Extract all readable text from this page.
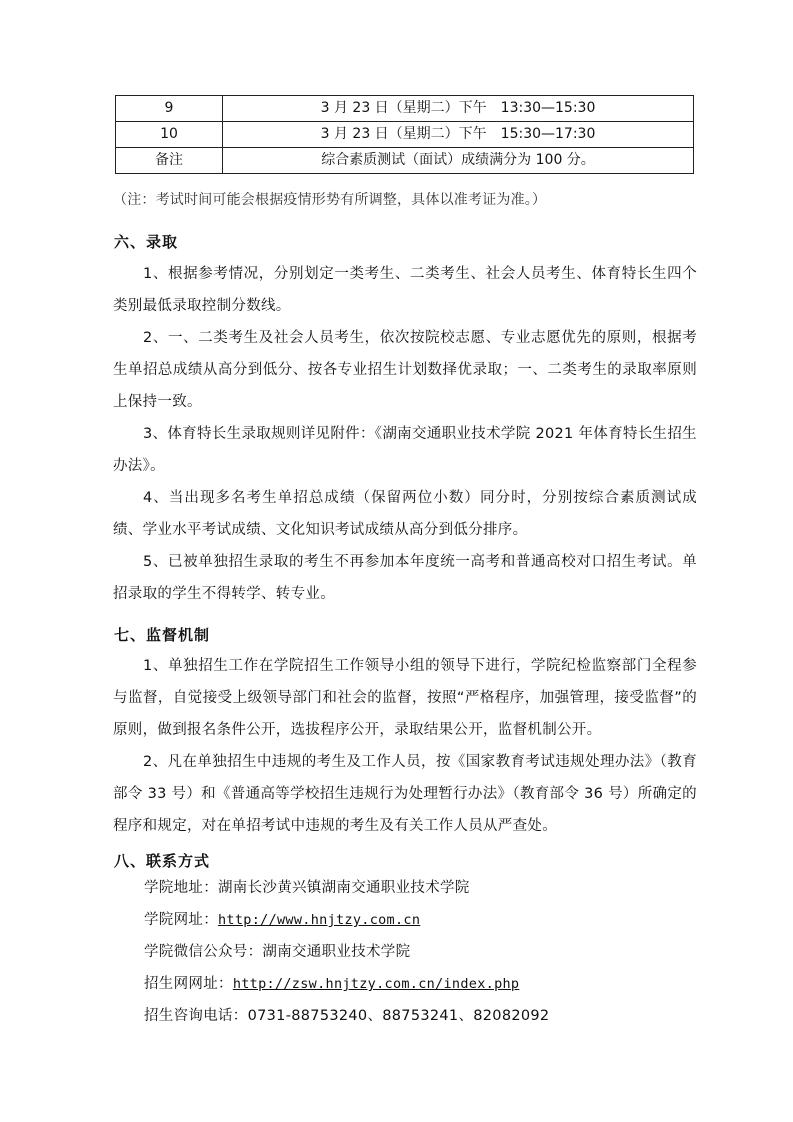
9	3 月 23 日（星期二）下午　13:30—15:30
10	3 月 23 日（星期二）下午　15:30—17:30
备注	综合素质测试（面试）成绩满分为 100 分。
（注：考试时间可能会根据疫情形势有所调整，具体以准考证为准。）
六、录取
1、根据参考情况，分别划定一类考生、二类考生、社会人员考生、体育特长生四个类别最低录取控制分数线。
2、一、二类考生及社会人员考生，依次按院校志愿、专业志愿优先的原则，根据考生单招总成绩从高分到低分、按各专业招生计划数择优录取；一、二类考生的录取率原则上保持一致。
3、体育特长生录取规则详见附件：《湖南交通职业技术学院 2021 年体育特长生招生办法》。
4、当出现多名考生单招总成绩（保留两位小数）同分时，分别按综合素质测试成绩、学业水平考试成绩、文化知识考试成绩从高分到低分排序。
5、已被单独招生录取的考生不再参加本年度统一高考和普通高校对口招生考试。单招录取的学生不得转学、转专业。
七、监督机制
1、单独招生工作在学院招生工作领导小组的领导下进行，学院纪检监察部门全程参与监督，自觉接受上级领导部门和社会的监督，按照“严格程序，加强管理，接受监督”的原则，做到报名条件公开，选拔程序公开，录取结果公开，监督机制公开。
2、凡在单独招生中违规的考生及工作人员，按《国家教育考试违规处理办法》（教育部令 33 号）和《普通高等学校招生违规行为处理暂行办法》（教育部令 36 号）所确定的程序和规定，对在单招考试中违规的考生及有关工作人员从严查处。
八、联系方式
学院地址：湖南长沙黄兴镇湖南交通职业技术学院
学院网址：http://www.hnjtzy.com.cn
学院微信公众号：湖南交通职业技术学院
招生网网址：http://zsw.hnjtzy.com.cn/index.php
招生咨询电话：0731-88753240、88753241、82082092
